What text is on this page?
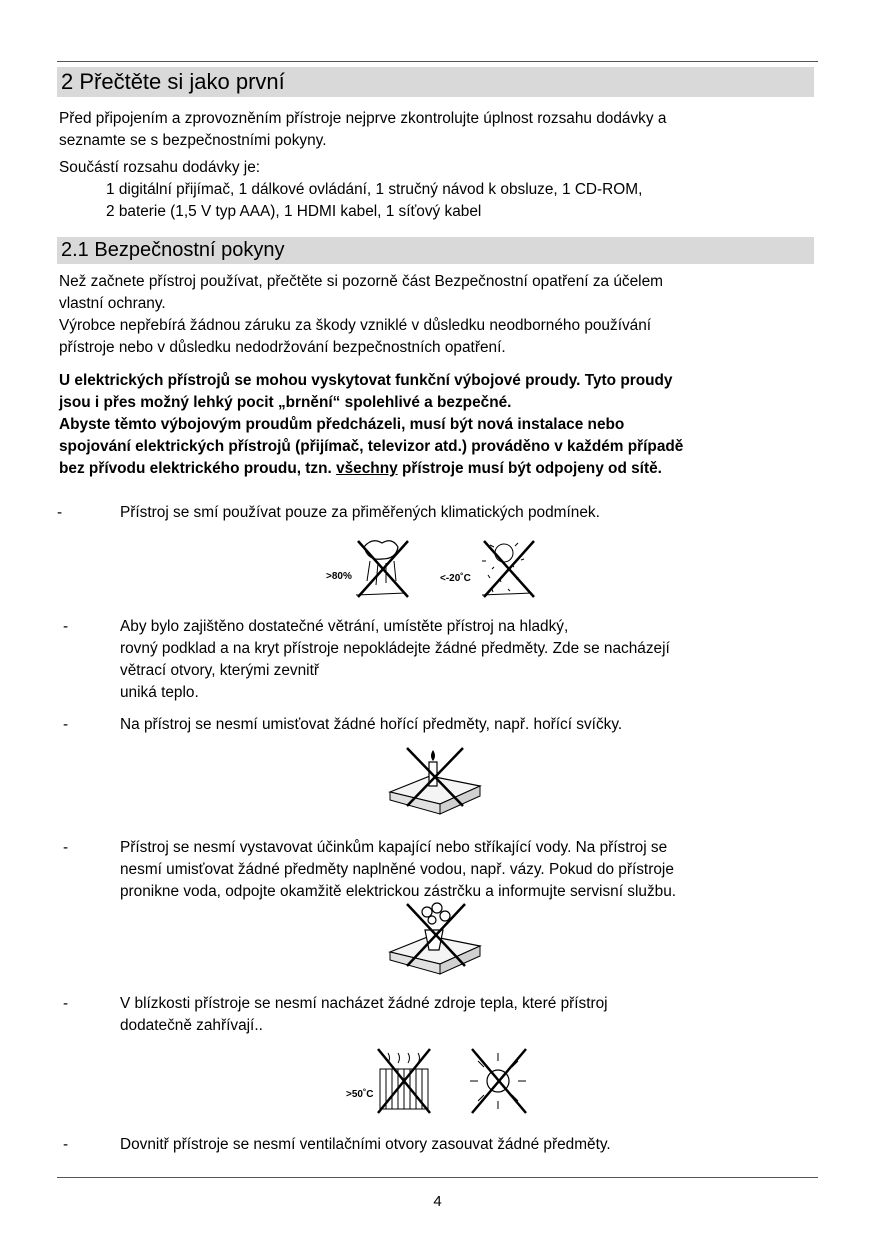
2 Přečtěte si jako první
Před připojením a zprovozněním přístroje nejprve zkontrolujte úplnost rozsahu dodávky a
seznamte se s bezpečnostními pokyny.
Součástí rozsahu dodávky je:
1 digitální přijímač, 1 dálkové ovládání, 1 stručný návod k obsluze, 1 CD-ROM,
2 baterie (1,5 V typ AAA), 1 HDMI kabel, 1 síťový kabel
2.1 Bezpečnostní pokyny
Než začnete přístroj používat, přečtěte si pozorně část Bezpečnostní opatření za účelem
vlastní ochrany.
Výrobce nepřebírá žádnou záruku za škody vzniklé v důsledku neodborného používání
přístroje nebo v důsledku nedodržování bezpečnostních opatření.
U elektrických přístrojů se mohou vyskytovat funkční výbojové proudy. Tyto proudy
jsou i přes možný lehký pocit „brnění“ spolehlivé a bezpečné.
Abyste těmto výbojovým proudům předcházeli, musí být nová instalace nebo
spojování elektrických přístrojů (přijímač, televizor atd.) prováděno v každém případě
bez přívodu elektrického proudu, tzn. všechny přístroje musí být odpojeny od sítě.
-	Přístroj se smí používat pouze za přiměřených klimatických podmínek.
>80%	<-20˚C
-	Aby bylo zajištěno dostatečné větrání, umístěte přístroj na hladký,
rovný podklad a na kryt přístroje nepokládejte žádné předměty. Zde se nacházejí
větrací otvory, kterými zevnitř
uniká teplo.
-	Na přístroj se nesmí umisťovat žádné hořící předměty, např. hořící svíčky.
-	Přístroj se nesmí vystavovat účinkům kapající nebo stříkající vody. Na přístroj se
nesmí umisťovat žádné předměty naplněné vodou, např. vázy. Pokud do přístroje
pronikne voda, odpojte okamžitě elektrickou zástrčku a informujte servisní službu.
-	V blízkosti přístroje se nesmí nacházet žádné zdroje tepla, které přístroj
dodatečně zahřívají..
>50˚C
-	Dovnitř přístroje se nesmí ventilačními otvory zasouvat žádné předměty.
4
